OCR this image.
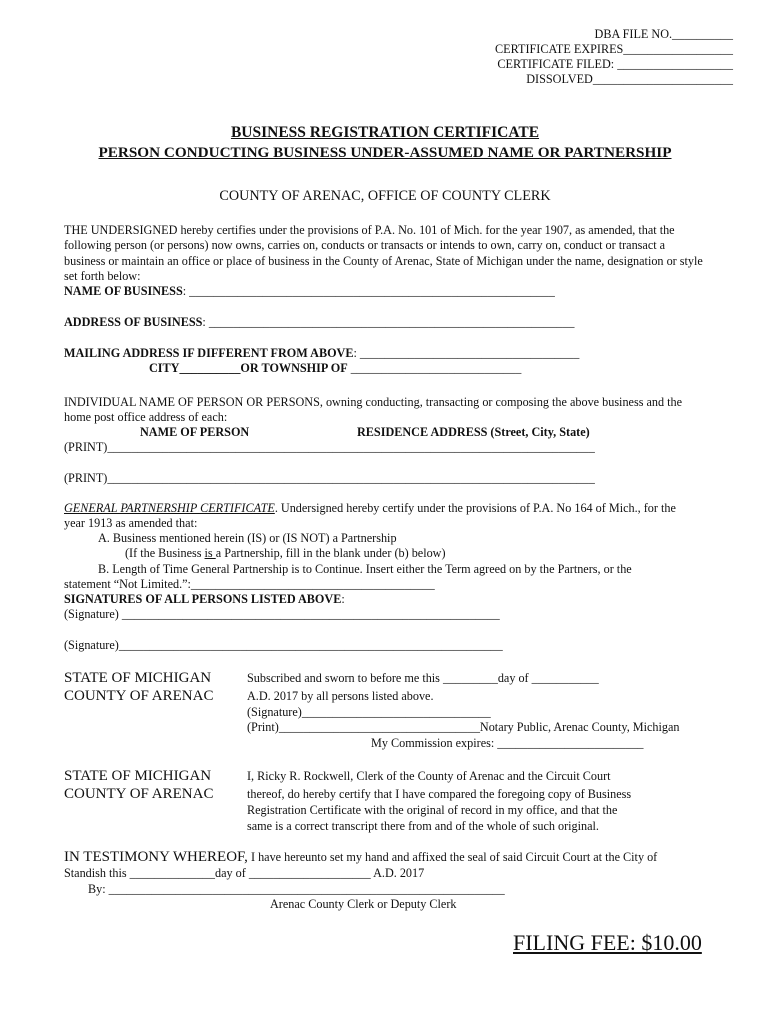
DBA FILE NO.__________
CERTIFICATE EXPIRES__________________
CERTIFICATE FILED: ___________________
DISSOLVED_______________________
BUSINESS REGISTRATION CERTIFICATE
PERSON CONDUCTING BUSINESS UNDER-ASSUMED NAME OR PARTNERSHIP
COUNTY OF ARENAC, OFFICE OF COUNTY CLERK
THE UNDERSIGNED hereby certifies under the provisions of P.A. No. 101 of Mich. for the year 1907, as amended, that the following person (or persons) now owns, carries on, conducts or transacts or intends to own, carry on, conduct or transact a business or maintain an office or place of business in the County of Arenac, State of Michigan under the name, designation or style set forth below:
NAME OF BUSINESS: ____________________________________________________________
ADDRESS OF BUSINESS: ____________________________________________________________
MAILING ADDRESS IF DIFFERENT FROM ABOVE: ____________________________________
CITY__________OR TOWNSHIP OF ____________________________
INDIVIDUAL NAME OF PERSON OR PERSONS, owning conducting, transacting or composing the above business and the home post office address of each:
NAME OF PERSON	RESIDENCE ADDRESS (Street, City, State)
(PRINT)________________________________________________________________________________
(PRINT)________________________________________________________________________________
GENERAL PARTNERSHIP CERTIFICATE. Undersigned hereby certify under the provisions of P.A. No 164 of Mich., for the
year 1913 as amended that:
A. Business mentioned herein (IS) or (IS NOT) a Partnership
(If the Business is a Partnership, fill in the blank under (b) below)
B. Length of Time General Partnership is to Continue. Insert either the Term agreed on by the Partners, or the
statement “Not Limited.”:________________________________________
SIGNATURES OF ALL PERSONS LISTED ABOVE:
(Signature) ______________________________________________________________
(Signature)_______________________________________________________________
STATE OF MICHIGAN
COUNTY OF ARENAC
Subscribed and sworn to before me this _________day of ___________
A.D. 2017 by all persons listed above.
(Signature)_______________________________
(Print)_________________________________Notary Public, Arenac County, Michigan
My Commission expires: ________________________
STATE OF MICHIGAN
COUNTY OF ARENAC
I, Ricky R. Rockwell, Clerk of the County of Arenac and the Circuit Court
thereof, do hereby certify that I have compared the foregoing copy of Business
Registration Certificate with the original of record in my office, and that the
same is a correct transcript there from and of the whole of such original.
IN TESTIMONY WHEREOF, I have hereunto set my hand and affixed the seal of said Circuit Court at the City of
Standish this ______________day of ____________________ A.D. 2017
By: _________________________________________________________________
Arenac County Clerk or Deputy Clerk
FILING FEE: $10.00
